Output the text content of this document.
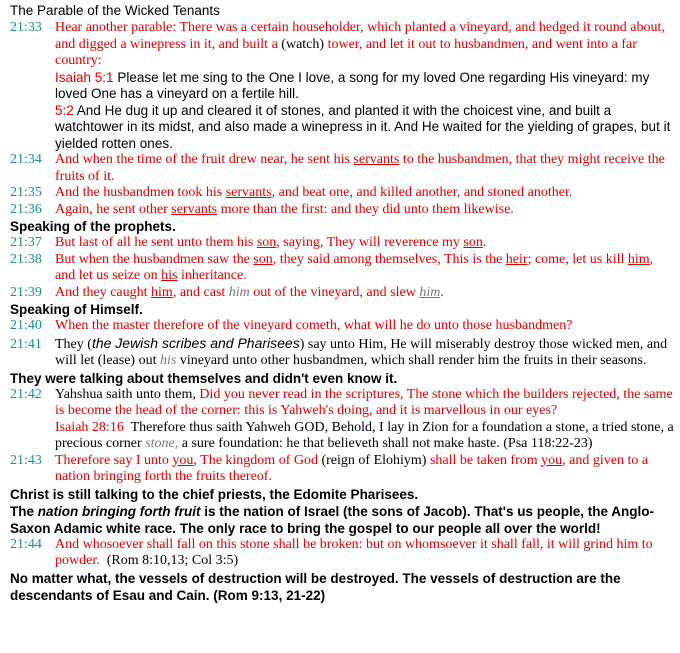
The Parable of the Wicked Tenants

21:33 Hear another parable: There was a certain householder, which planted a vineyard, and hedged it round about, and digged a winepress in it, and built a (watch) tower, and let it out to husbandmen, and went into a far country:

Isaiah 5:1 Please let me sing to the One I love, a song for my loved One regarding His vineyard: my loved One has a vineyard on a fertile hill.

5:2 And He dug it up and cleared it of stones, and planted it with the choicest vine, and built a watchtower in its midst, and also made a winepress in it. And He waited for the yielding of grapes, but it yielded rotten ones.

21:34 And when the time of the fruit drew near, he sent his servants to the husbandmen, that they might receive the fruits of it.

21:35 And the husbandmen took his servants, and beat one, and killed another, and stoned another.

21:36 Again, he sent other servants more than the first: and they did unto them likewise.

Speaking of the prophets.

21:37 But last of all he sent unto them his son, saying, They will reverence my son.

21:38 But when the husbandmen saw the son, they said among themselves, This is the heir; come, let us kill him, and let us seize on his inheritance.

21:39 And they caught him, and cast him out of the vineyard, and slew him.

Speaking of Himself.

21:40 When the master therefore of the vineyard cometh, what will he do unto those husbandmen?

21:41 They (the Jewish scribes and Pharisees) say unto Him, He will miserably destroy those wicked men, and will let (lease) out his vineyard unto other husbandmen, which shall render him the fruits in their seasons.

They were talking about themselves and didn't even know it.

21:42 Yahshua saith unto them, Did you never read in the scriptures, The stone which the builders rejected, the same is become the head of the corner: this is Yahweh's doing, and it is marvellous in our eyes?

Isaiah 28:16 Therefore thus saith Yahweh GOD, Behold, I lay in Zion for a foundation a stone, a tried stone, a precious corner stone, a sure foundation: he that believeth shall not make haste. (Psa 118:22-23)

21:43 Therefore say I unto you, The kingdom of God (reign of Elohiym) shall be taken from you, and given to a nation bringing forth the fruits thereof.

Christ is still talking to the chief priests, the Edomite Pharisees.

The nation bringing forth fruit is the nation of Israel (the sons of Jacob). That's us people, the Anglo-Saxon Adamic white race. The only race to bring the gospel to our people all over the world!

21:44 And whosoever shall fall on this stone shall be broken: but on whomsoever it shall fall, it will grind him to powder. (Rom 8:10,13; Col 3:5)

No matter what, the vessels of destruction will be destroyed. The vessels of destruction are the descendants of Esau and Cain. (Rom 9:13, 21-22)
